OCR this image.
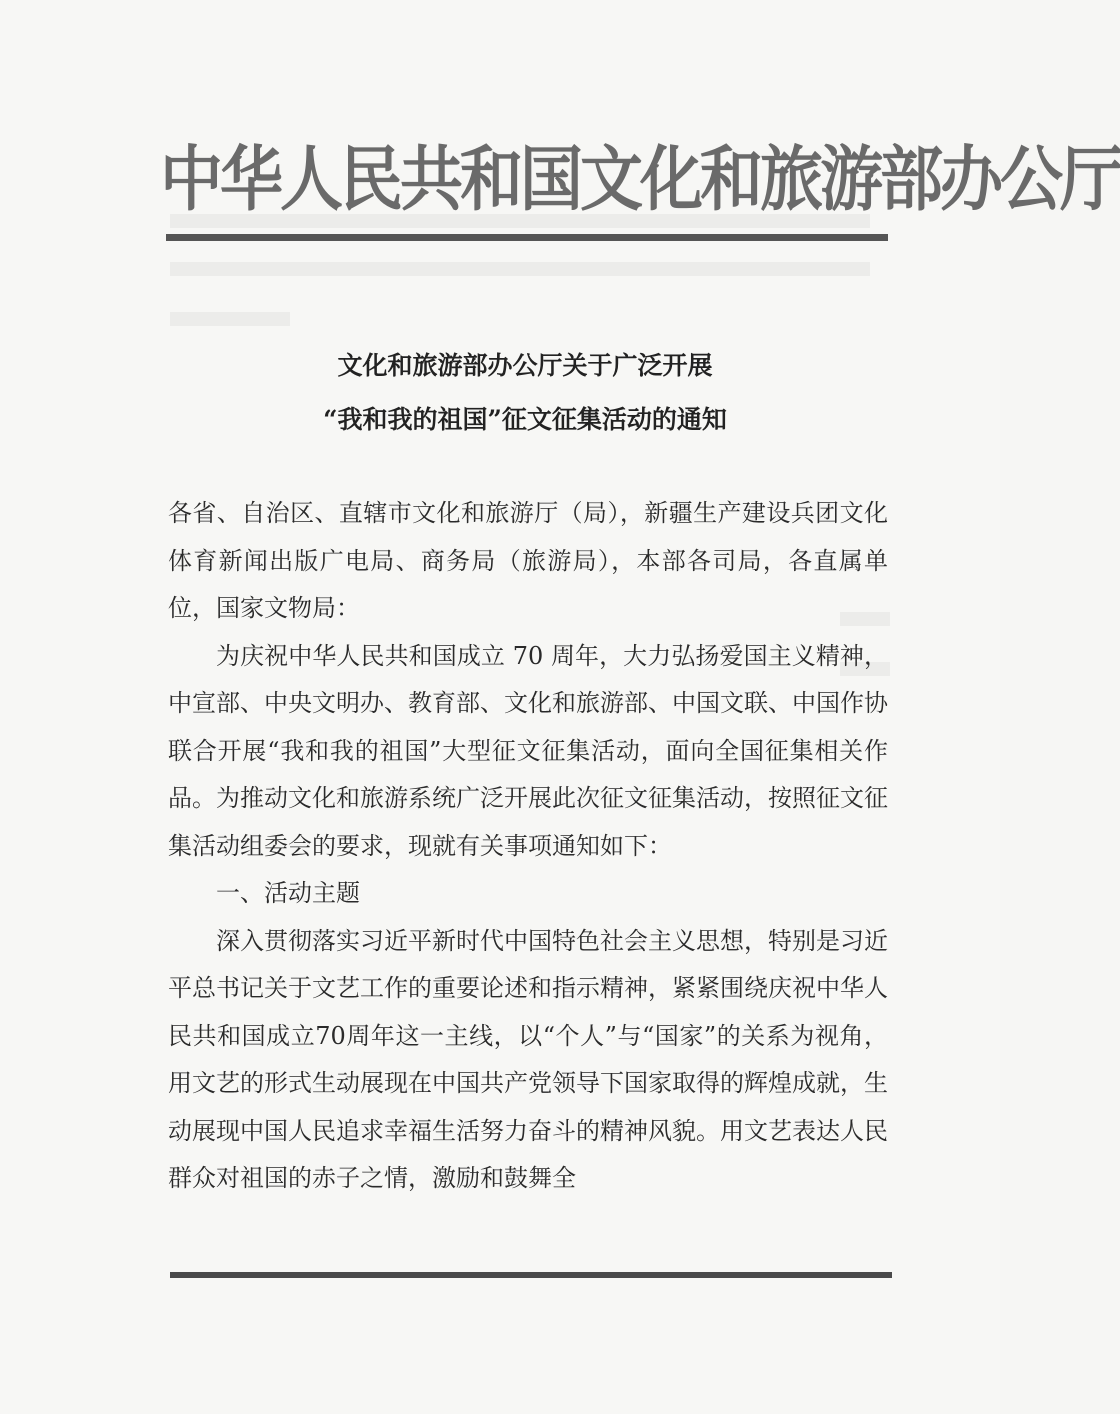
中华人民共和国文化和旅游部办公厅
文化和旅游部办公厅关于广泛开展
“我和我的祖国”征文征集活动的通知

各省、自治区、直辖市文化和旅游厅（局），新疆生产建设兵团文化体育新闻出版广电局、商务局（旅游局），本部各司局，各直属单位，国家文物局：

为庆祝中华人民共和国成立 70 周年，大力弘扬爱国主义精神，中宣部、中央文明办、教育部、文化和旅游部、中国文联、中国作协联合开展“我和我的祖国”大型征文征集活动，面向全国征集相关作品。为推动文化和旅游系统广泛开展此次征文征集活动，按照征文征集活动组委会的要求，现就有关事项通知如下：

一、活动主题

深入贯彻落实习近平新时代中国特色社会主义思想，特别是习近平总书记关于文艺工作的重要论述和指示精神，紧紧围绕庆祝中华人民共和国成立70周年这一主线，以“个人”与“国家”的关系为视角，用文艺的形式生动展现在中国共产党领导下国家取得的辉煌成就，生动展现中国人民追求幸福生活努力奋斗的精神风貌。用文艺表达人民群众对祖国的赤子之情，激励和鼓舞全
